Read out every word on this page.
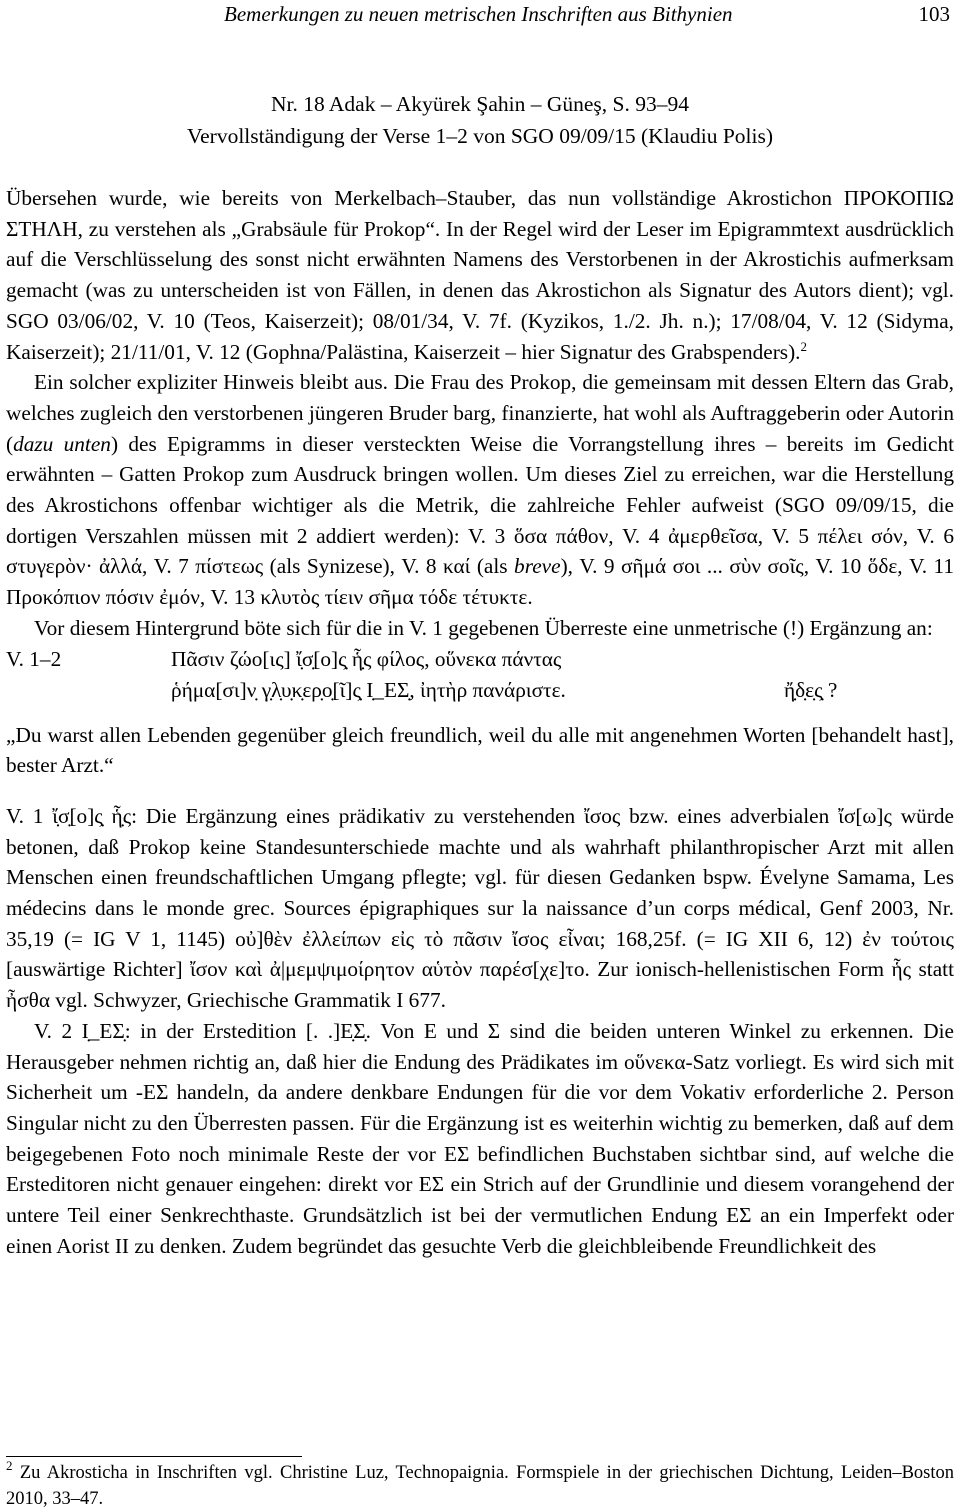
Bemerkungen zu neuen metrischen Inschriften aus Bithynien	103
Nr. 18 Adak – Akyürek Şahin – Güneş, S. 93–94
Vervollständigung der Verse 1–2 von SGO 09/09/15 (Klaudiu Polis)

Übersehen wurde, wie bereits von Merkelbach–Stauber, das nun vollständige Akrostichon ΠΡΟΚΟΠΙΩ ΣΤΗΛΗ, zu verstehen als „Grabsäule für Prokop“. In der Regel wird der Leser im Epigrammtext ausdrücklich auf die Verschlüsselung des sonst nicht erwähnten Namens des Verstorbenen in der Akrostichis aufmerksam gemacht (was zu unterscheiden ist von Fällen, in denen das Akrostichon als Signatur des Autors dient); vgl. SGO 03/06/02, V. 10 (Teos, Kaiserzeit); 08/01/34, V. 7f. (Kyzikos, 1./2. Jh. n.); 17/08/04, V. 12 (Sidyma, Kaiserzeit); 21/11/01, V. 12 (Gophna/Palästina, Kaiserzeit – hier Signatur des Grabspenders).$^2$

Ein solcher expliziter Hinweis bleibt aus. Die Frau des Prokop, die gemeinsam mit dessen Eltern das Grab, welches zugleich den verstorbenen jüngeren Bruder barg, finanzierte, hat wohl als Auftraggeberin oder Autorin (dazu unten) des Epigramms in dieser versteckten Weise die Vorrangstellung ihres – bereits im Gedicht erwähnten – Gatten Prokop zum Ausdruck bringen wollen. Um dieses Ziel zu erreichen, war die Herstellung des Akrostichons offenbar wichtiger als die Metrik, die zahlreiche Fehler aufweist (SGO 09/09/15, die dortigen Verszahlen müssen mit 2 addiert werden): V. 3 ὅσα πάθον, V. 4 ἀμερθεῖσα, V. 5 πέλει σόν, V. 6 στυγερὸν· ἀλλά, V. 7 πίστεως (als Synizese), V. 8 καί (als breve), V. 9 σῆμά σοι ... σὺν σοῖς, V. 10 ὅδε, V. 11 Προκόπιον πόσιν ἐμόν, V. 13 κλυτὸς τίειν σῆμα τόδε τέτυκτε.

Vor diesem Hintergrund böte sich für die in V. 1 gegebenen Überreste eine unmetrische (!) Ergänzung an:

V. 1–2	Πᾶσιν ζώο[ις] ἴ̣σ̣[ο]ς̣ ἧ̣ς φίλος, οὕνεκα πάντας
ῥήμα[σι]ν̣ γ̣λ̣υ̣κ̣ερ̣ο̣[ῖ]ς̣ Ι̣_ΕΣ̣, ἰητὴρ πανάριστε.	ἤ̣δ̣ε̣ς̣ ?

„Du warst allen Lebenden gegenüber gleich freundlich, weil du alle mit angenehmen Worten [behandelt hast], bester Arzt.“

V. 1 ἴ̣σ̣[ο]ς̣ ἧ̣ς: Die Ergänzung eines prädikativ zu verstehenden ἴσος bzw. eines adverbialen ἴσ[ω]ς würde betonen, daß Prokop keine Standesunterschiede machte und als wahrhaft philanthropischer Arzt mit allen Menschen einen freundschaftlichen Umgang pflegte; vgl. für diesen Gedanken bspw. Évelyne Samama, Les médecins dans le monde grec. Sources épigraphiques sur la naissance d’un corps médical, Genf 2003, Nr. 35,19 (= IG V 1, 1145) οὐ]θὲν ἐλλείπων εἰς τὸ πᾶσιν ἴσος εἶναι; 168,25f. (= IG XII 6, 12) ἐν τούτοις [auswärtige Richter] ἴσον καὶ ἀ|μεμψιμοίρητον αὑτὸν παρέσ[χε]το. Zur ionisch-hellenistischen Form ἧς statt ἦσθα vgl. Schwyzer, Griechische Grammatik I 677.

V. 2 Ι̣_ΕΣ̣: in der Erstedition [. .]Ε̣Σ̣. Von E und Σ sind die beiden unteren Winkel zu erkennen. Die Herausgeber nehmen richtig an, daß hier die Endung des Prädikates im οὕνεκα-Satz vorliegt. Es wird sich mit Sicherheit um -ΕΣ handeln, da andere denkbare Endungen für die vor dem Vokativ erforderliche 2. Person Singular nicht zu den Überresten passen. Für die Ergänzung ist es weiterhin wichtig zu bemerken, daß auf dem beigegebenen Foto noch minimale Reste der vor ΕΣ befindlichen Buchstaben sichtbar sind, auf welche die Ersteditoren nicht genauer eingehen: direkt vor ΕΣ ein Strich auf der Grundlinie und diesem vorangehend der untere Teil einer Senkrechthaste. Grundsätzlich ist bei der vermutlichen Endung ΕΣ an ein Imperfekt oder einen Aorist II zu denken. Zudem begründet das gesuchte Verb die gleichbleibende Freundlichkeit des

$^2$ Zu Akrosticha in Inschriften vgl. Christine Luz, Technopaignia. Formspiele in der griechischen Dichtung, Leiden–Boston 2010, 33–47.
